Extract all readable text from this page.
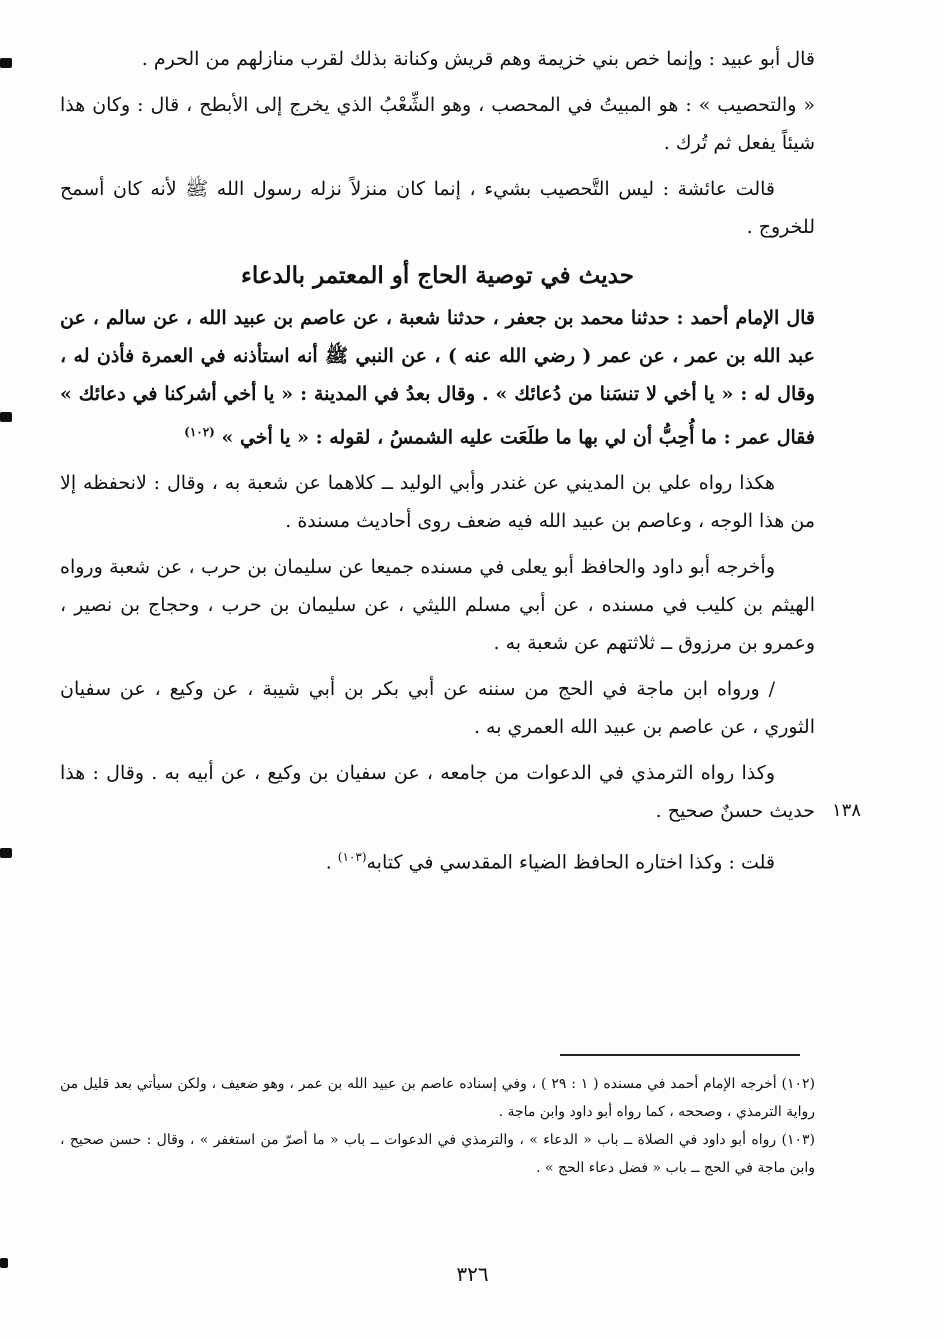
قال أبو عبيد : وإنما خص بني خزيمة وهم قريش وكنانة بذلك لقرب منازلهم من الحرم .

« والتحصيب » : هو المبيتُ في المحصب ، وهو الشِّعْبُ الذي يخرج إلى الأبطح ، قال : وكان هذا شيئاً يفعل ثم تُرك .

قالت عائشة : ليس التَّحصيب بشيء ، إنما كان منزلاً نزله رسول الله ﷺ لأنه كان أسمح للخروج .

حديث في توصية الحاج أو المعتمر بالدعاء

قال الإمام أحمد : حدثنا محمد بن جعفر ، حدثنا شعبة ، عن عاصم بن عبيد الله ، عن سالم ، عن عبد الله بن عمر ، عن عمر ( رضي الله عنه ) ، عن النبي ﷺ أنه استأذنه في العمرة فأذن له ، وقال له : « يا أخي لا تنسَنا من دُعائك » . وقال بعدُ في المدينة : « يا أخي أشركنا في دعائك » فقال عمر : ما أُحِبُّ أن لي بها ما طلَعَت عليه الشمسُ ، لقوله : « يا أخي » $^{(١٠٢)}$

هكذا رواه علي بن المديني عن غندر وأبي الوليد ــ كلاهما عن شعبة به ، وقال : لانحفظه إلا من هذا الوجه ، وعاصم بن عبيد الله فيه ضعف روى أحاديث مسندة .

وأخرجه أبو داود والحافظ أبو يعلى في مسنده جميعا عن سليمان بن حرب ، عن شعبة ورواه الهيثم بن كليب في مسنده ، عن أبي مسلم الليثي ، عن سليمان بن حرب ، وحجاج بن نصير ، وعمرو بن مرزوق ــ ثلاثتهم عن شعبة به .

/ ورواه ابن ماجة في الحج من سننه عن أبي بكر بن أبي شيبة ، عن وكيع ، عن سفيان الثوري ، عن عاصم بن عبيد الله العمري به .

وكذا رواه الترمذي في الدعوات من جامعه ، عن سفيان بن وكيع ، عن أبيه به . وقال : هذا حديث حسنٌ صحيح .

قلت : وكذا اختاره الحافظ الضياء المقدسي في كتابه$^{(١٠٣)}$ .

١٣٨

(١٠٢) أخرجه الإمام أحمد في مسنده ( ١ : ٢٩ ) ، وفي إسناده عاصم بن عبيد الله بن عمر ، وهو ضعيف ، ولكن سيأتي بعد قليل من رواية الترمذي ، وصححه ، كما رواه أبو داود وابن ماجة .

(١٠٣) رواه أبو داود في الصلاة ــ باب « الدعاء » ، والترمذي في الدعوات ــ باب « ما أصرّ من استغفر » ، وقال : حسن صحيح ، وابن ماجة في الحج ــ باب « فضل دعاء الحج » .

٣٢٦
